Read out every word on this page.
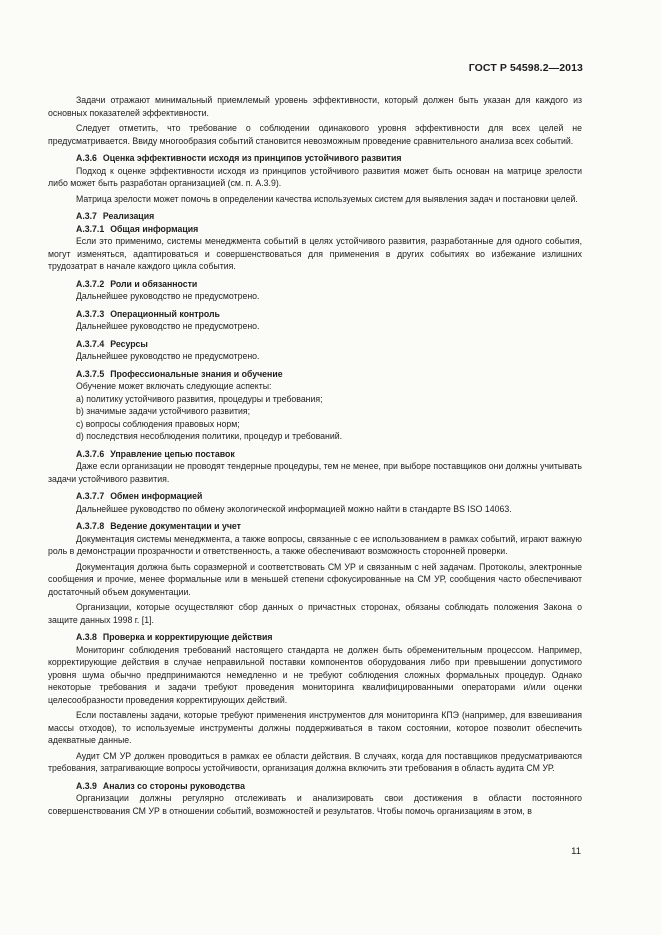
ГОСТ Р 54598.2—2013

Задачи отражают минимальный приемлемый уровень эффективности, который должен быть указан для каждого из основных показателей эффективности.

Следует отметить, что требование о соблюдении одинакового уровня эффективности для всех целей не предусматривается. Ввиду многообразия событий становится невозможным проведение сравнительного анализа всех событий.

А.3.6 Оценка эффективности исходя из принципов устойчивого развития

Подход к оценке эффективности исходя из принципов устойчивого развития может быть основан на матрице зрелости либо может быть разработан организацией (см. п. А.3.9).

Матрица зрелости может помочь в определении качества используемых систем для выявления задач и постановки целей.

А.3.7 Реализация
А.3.7.1 Общая информация

Если это применимо, системы менеджмента событий в целях устойчивого развития, разработанные для одного события, могут изменяться, адаптироваться и совершенствоваться для применения в других событиях во избежание излишних трудозатрат в начале каждого цикла события.

А.3.7.2 Роли и обязанности

Дальнейшее руководство не предусмотрено.

А.3.7.3 Операционный контроль

Дальнейшее руководство не предусмотрено.

А.3.7.4 Ресурсы

Дальнейшее руководство не предусмотрено.

А.3.7.5 Профессиональные знания и обучение

Обучение может включать следующие аспекты:

a) политику устойчивого развития, процедуры и требования;
b) значимые задачи устойчивого развития;
c) вопросы соблюдения правовых норм;
d) последствия несоблюдения политики, процедур и требований.
А.3.7.6 Управление цепью поставок

Даже если организации не проводят тендерные процедуры, тем не менее, при выборе поставщиков они должны учитывать задачи устойчивого развития.

А.3.7.7 Обмен информацией

Дальнейшее руководство по обмену экологической информацией можно найти в стандарте BS ISO 14063.

А.3.7.8 Ведение документации и учет

Документация системы менеджмента, а также вопросы, связанные с ее использованием в рамках событий, играют важную роль в демонстрации прозрачности и ответственность, а также обеспечивают возможность сторонней проверки.

Документация должна быть соразмерной и соответствовать СМ УР и связанным с ней задачам. Протоколы, электронные сообщения и прочие, менее формальные или в меньшей степени сфокусированные на СМ УР, сообщения часто обеспечивают достаточный объем документации.

Организации, которые осуществляют сбор данных о причастных сторонах, обязаны соблюдать положения Закона о защите данных 1998 г. [1].

А.3.8 Проверка и корректирующие действия

Мониторинг соблюдения требований настоящего стандарта не должен быть обременительным процессом. Например, корректирующие действия в случае неправильной поставки компонентов оборудования либо при превышении допустимого уровня шума обычно предпринимаются немедленно и не требуют соблюдения сложных формальных процедур. Однако некоторые требования и задачи требуют проведения мониторинга квалифицированными операторами и/или оценки целесообразности проведения корректирующих действий.

Если поставлены задачи, которые требуют применения инструментов для мониторинга КПЭ (например, для взвешивания массы отходов), то используемые инструменты должны поддерживаться в таком состоянии, которое позволит обеспечить адекватные данные.

Аудит СМ УР должен проводиться в рамках ее области действия. В случаях, когда для поставщиков предусматриваются требования, затрагивающие вопросы устойчивости, организация должна включить эти требования в область аудита СМ УР.

А.3.9 Анализ со стороны руководства

Организации должны регулярно отслеживать и анализировать свои достижения в области постоянного совершенствования СМ УР в отношении событий, возможностей и результатов. Чтобы помочь организациям в этом, в

11
